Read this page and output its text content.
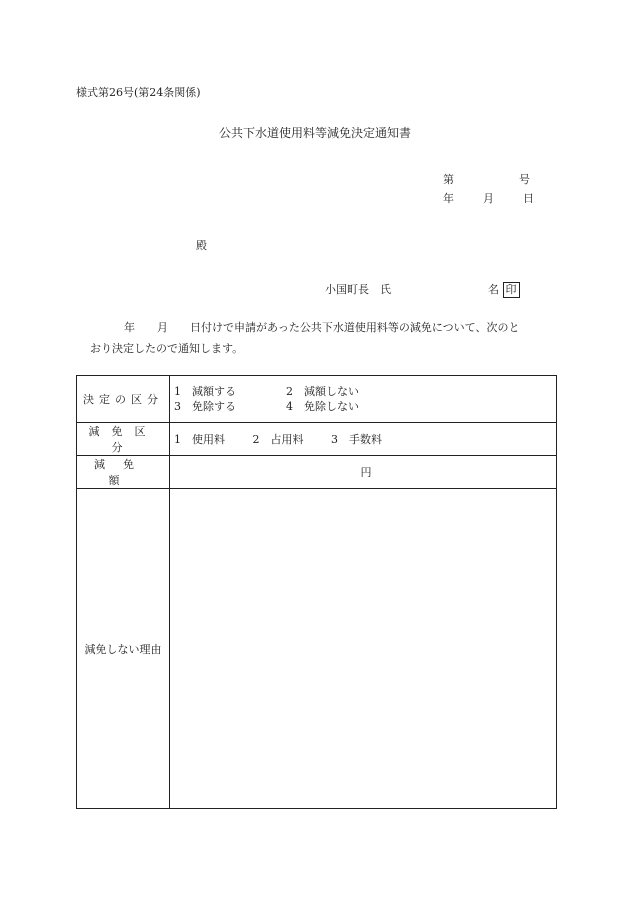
様式第26号(第24条関係)
公共下水道使用料等減免決定通知書
第	号
年	月	日
殿
小国町長　氏	名 印
年　　月　　日付けで申請があった公共下水道使用料等の減免について、次のと
おり決定したので通知します。
決定の区分	1　減額する 2　減額しない
3　免除する 4　免除しない

減免区分	1　使用料 2　占用料 3　手数料
減免額	円
減免しない理由	
